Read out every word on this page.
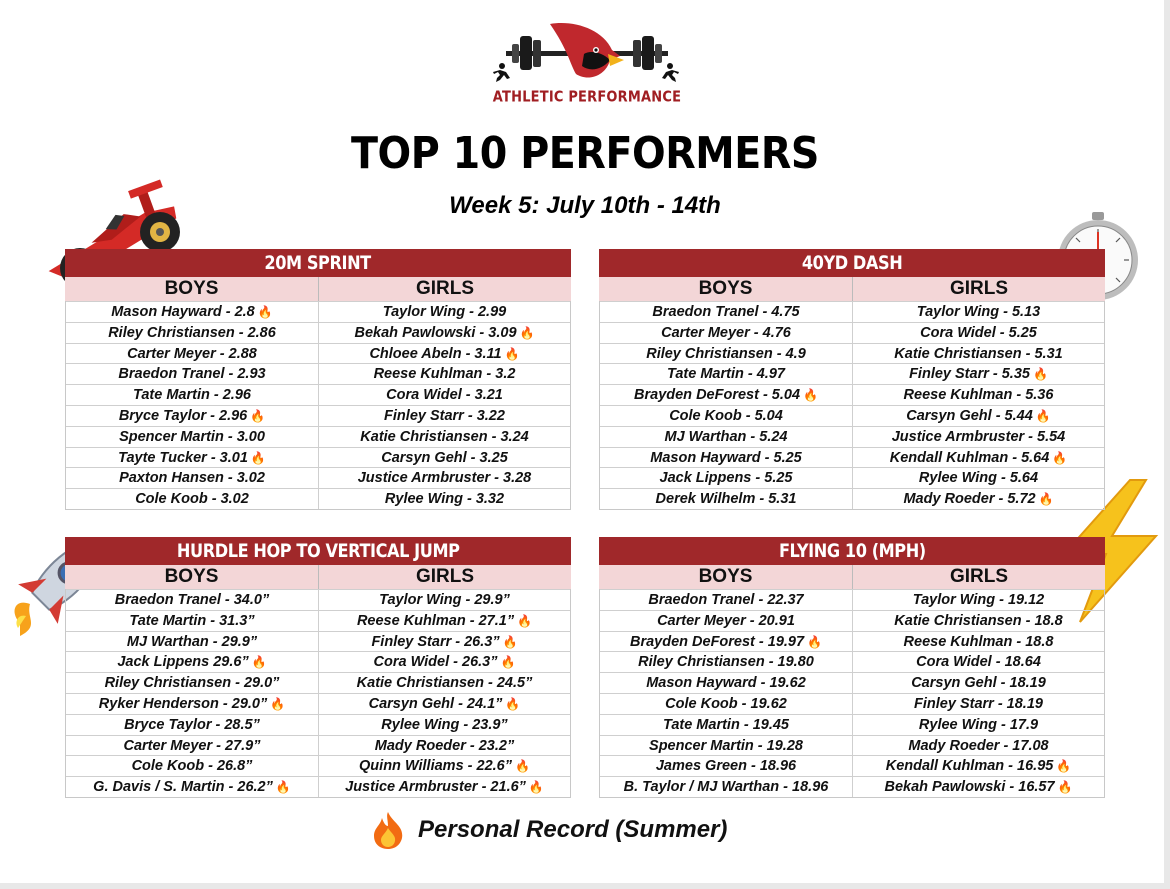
ATHLETIC PERFORMANCE
TOP 10 PERFORMERS
Week 5: July 10th - 14th
20M SPRINT
BOYS	GIRLS
Mason Hayward - 2.8 🔥	Taylor Wing - 2.99
Riley Christiansen - 2.86	Bekah Pawlowski - 3.09 🔥
Carter Meyer - 2.88	Chloee Abeln - 3.11 🔥
Braedon Tranel - 2.93	Reese Kuhlman - 3.2
Tate Martin - 2.96	Cora Widel - 3.21
Bryce Taylor - 2.96 🔥	Finley Starr - 3.22
Spencer Martin - 3.00	Katie Christiansen - 3.24
Tayte Tucker - 3.01 🔥	Carsyn Gehl - 3.25
Paxton Hansen - 3.02	Justice Armbruster - 3.28
Cole Koob - 3.02	Rylee Wing - 3.32
40YD DASH
BOYS	GIRLS
Braedon Tranel - 4.75	Taylor Wing - 5.13
Carter Meyer - 4.76	Cora Widel - 5.25
Riley Christiansen - 4.9	Katie Christiansen - 5.31
Tate Martin - 4.97	Finley Starr - 5.35 🔥
Brayden DeForest - 5.04 🔥	Reese Kuhlman - 5.36
Cole Koob - 5.04	Carsyn Gehl - 5.44 🔥
MJ Warthan - 5.24	Justice Armbruster - 5.54
Mason Hayward - 5.25	Kendall Kuhlman - 5.64 🔥
Jack Lippens - 5.25	Rylee Wing - 5.64
Derek Wilhelm - 5.31	Mady Roeder - 5.72 🔥
HURDLE HOP TO VERTICAL JUMP
BOYS	GIRLS
Braedon Tranel - 34.0”	Taylor Wing - 29.9”
Tate Martin - 31.3”	Reese Kuhlman - 27.1” 🔥
MJ Warthan - 29.9”	Finley Starr - 26.3” 🔥
Jack Lippens 29.6” 🔥	Cora Widel - 26.3” 🔥
Riley Christiansen - 29.0”	Katie Christiansen - 24.5”
Ryker Henderson - 29.0” 🔥	Carsyn Gehl - 24.1” 🔥
Bryce Taylor - 28.5”	Rylee Wing - 23.9”
Carter Meyer - 27.9”	Mady Roeder - 23.2”
Cole Koob - 26.8”	Quinn Williams - 22.6” 🔥
G. Davis / S. Martin - 26.2” 🔥	Justice Armbruster - 21.6” 🔥
FLYING 10 (MPH)
BOYS	GIRLS
Braedon Tranel - 22.37	Taylor Wing - 19.12
Carter Meyer - 20.91	Katie Christiansen - 18.8
Brayden DeForest - 19.97 🔥	Reese Kuhlman - 18.8
Riley Christiansen - 19.80	Cora Widel - 18.64
Mason Hayward - 19.62	Carsyn Gehl - 18.19
Cole Koob - 19.62	Finley Starr - 18.19
Tate Martin - 19.45	Rylee Wing - 17.9
Spencer Martin - 19.28	Mady Roeder - 17.08
James Green - 18.96	Kendall Kuhlman - 16.95 🔥
B. Taylor / MJ Warthan - 18.96	Bekah Pawlowski - 16.57 🔥
Personal Record (Summer)
